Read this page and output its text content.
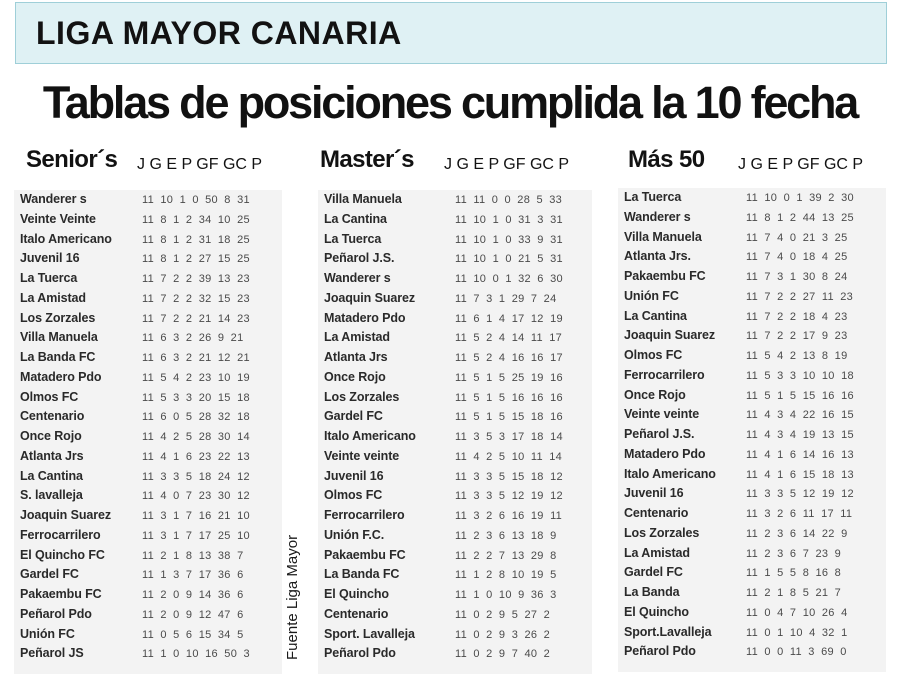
LIGA MAYOR CANARIA
Tablas de posiciones cumplida la 10 fecha
Senior´s J G E P GF GC P Master´s J G E P GF GC P Más 50 J G E P GF GC P
Wanderer s	11 10 1 0 50 8 31
Veinte Veinte	11 8 1 2 34 10 25
Italo Americano	11 8 1 2 31 18 25
Juvenil 16	11 8 1 2 27 15 25
La Tuerca	11 7 2 2 39 13 23
La Amistad	11 7 2 2 32 15 23
Los Zorzales	11 7 2 2 21 14 23
Villa Manuela	11 6 3 2 26 9 21
La Banda FC	11 6 3 2 21 12 21
Matadero Pdo	11 5 4 2 23 10 19
Olmos FC	11 5 3 3 20 15 18
Centenario	11 6 0 5 28 32 18
Once Rojo	11 4 2 5 28 30 14
Atlanta Jrs	11 4 1 6 23 22 13
La Cantina	11 3 3 5 18 24 12
S. lavalleja	11 4 0 7 23 30 12
Joaquin Suarez	11 3 1 7 16 21 10
Ferrocarrilero	11 3 1 7 17 25 10
El Quincho FC	11 2 1 8 13 38 7
Gardel FC	11 1 3 7 17 36 6
Pakaembu FC	11 2 0 9 14 36 6
Peñarol Pdo	11 2 0 9 12 47 6
Unión FC	11 0 5 6 15 34 5
Peñarol JS	11 1 0 10 16 50 3
Villa Manuela	11 11 0 0 28 5 33
La Cantina	11 10 1 0 31 3 31
La Tuerca	11 10 1 0 33 9 31
Peñarol J.S.	11 10 1 0 21 5 31
Wanderer s	11 10 0 1 32 6 30
Joaquin Suarez	11 7 3 1 29 7 24
Matadero Pdo	11 6 1 4 17 12 19
La Amistad	11 5 2 4 14 11 17
Atlanta Jrs	11 5 2 4 16 16 17
Once Rojo	11 5 1 5 25 19 16
Los Zorzales	11 5 1 5 16 16 16
Gardel FC	11 5 1 5 15 18 16
Italo Americano	11 3 5 3 17 18 14
Veinte veinte	11 4 2 5 10 11 14
Juvenil 16	11 3 3 5 15 18 12
Olmos FC	11 3 3 5 12 19 12
Ferrocarrilero	11 3 2 6 16 19 11
Unión F.C.	11 2 3 6 13 18 9
Pakaembu FC	11 2 2 7 13 29 8
La Banda FC	11 1 2 8 10 19 5
El Quincho	11 1 0 10 9 36 3
Centenario	11 0 2 9 5 27 2
Sport. Lavalleja	11 0 2 9 3 26 2
Peñarol Pdo	11 0 2 9 7 40 2
La Tuerca	11 10 0 1 39 2 30
Wanderer s	11 8 1 2 44 13 25
Villa Manuela	11 7 4 0 21 3 25
Atlanta Jrs.	11 7 4 0 18 4 25
Pakaembu FC	11 7 3 1 30 8 24
Unión FC	11 7 2 2 27 11 23
La Cantina	11 7 2 2 18 4 23
Joaquin Suarez	11 7 2 2 17 9 23
Olmos FC	11 5 4 2 13 8 19
Ferrocarrilero	11 5 3 3 10 10 18
Once Rojo	11 5 1 5 15 16 16
Veinte veinte	11 4 3 4 22 16 15
Peñarol J.S.	11 4 3 4 19 13 15
Matadero Pdo	11 4 1 6 14 16 13
Italo Americano	11 4 1 6 15 18 13
Juvenil 16	11 3 3 5 12 19 12
Centenario	11 3 2 6 11 17 11
Los Zorzales	11 2 3 6 14 22 9
La Amistad	11 2 3 6 7 23 9
Gardel FC	11 1 5 5 8 16 8
La Banda	11 2 1 8 5 21 7
El Quincho	11 0 4 7 10 26 4
Sport.Lavalleja	11 0 1 10 4 32 1
Peñarol Pdo	11 0 0 11 3 69 0
Fuente Liga Mayor
